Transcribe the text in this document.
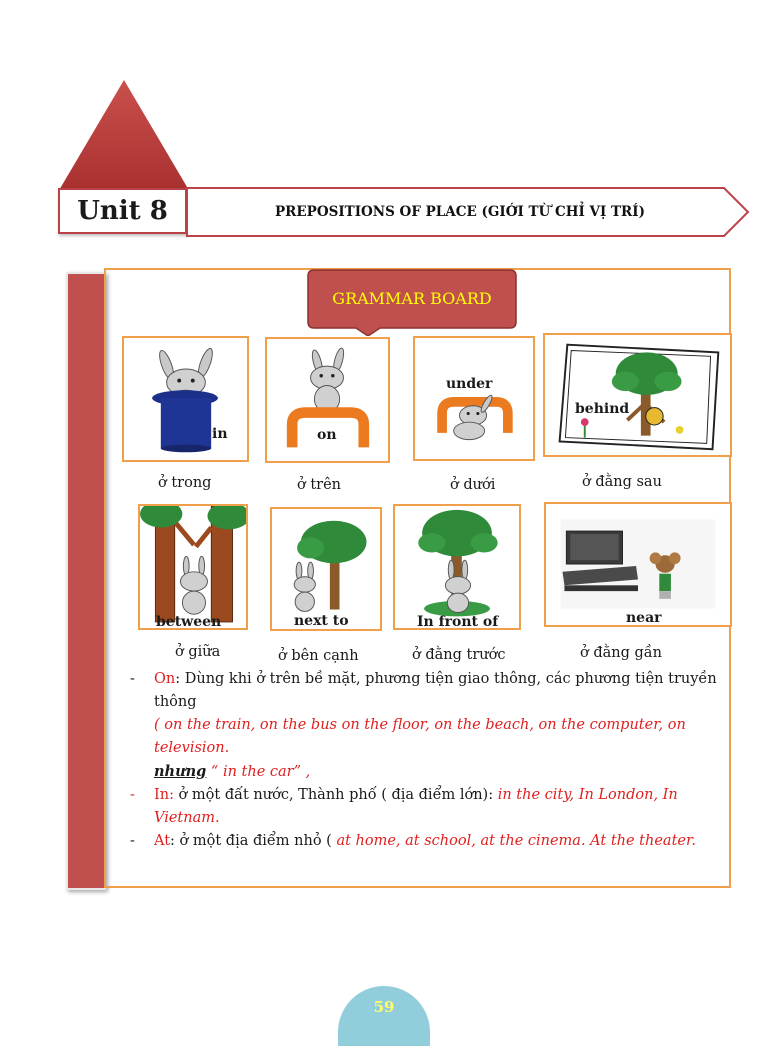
Unit 8	PREPOSITIONS OF PLACE (GIỚI TỪ CHỈ VỊ TRÍ)
GRAMMAR BOARD
in	on
under
behind
between	next to	In front of	near
ở trong	ở trên	ở dưới	ở đằng sau
ở giữa	ở bên cạnh	ở đằng trước	ở đằng gần
- On: Dùng khi ở trên bề mặt, phương tiện giao thông, các phương tiện truyền thông
( on the train, on the bus on the floor, on the beach, on the computer, on television.
nhưng “ in the car” ,
- In: ở một đất nước, Thành phố ( địa điểm lớn): in the city, In London, In Vietnam.
- At: ở một địa điểm nhỏ ( at home, at school, at the cinema. At the theater.
59
